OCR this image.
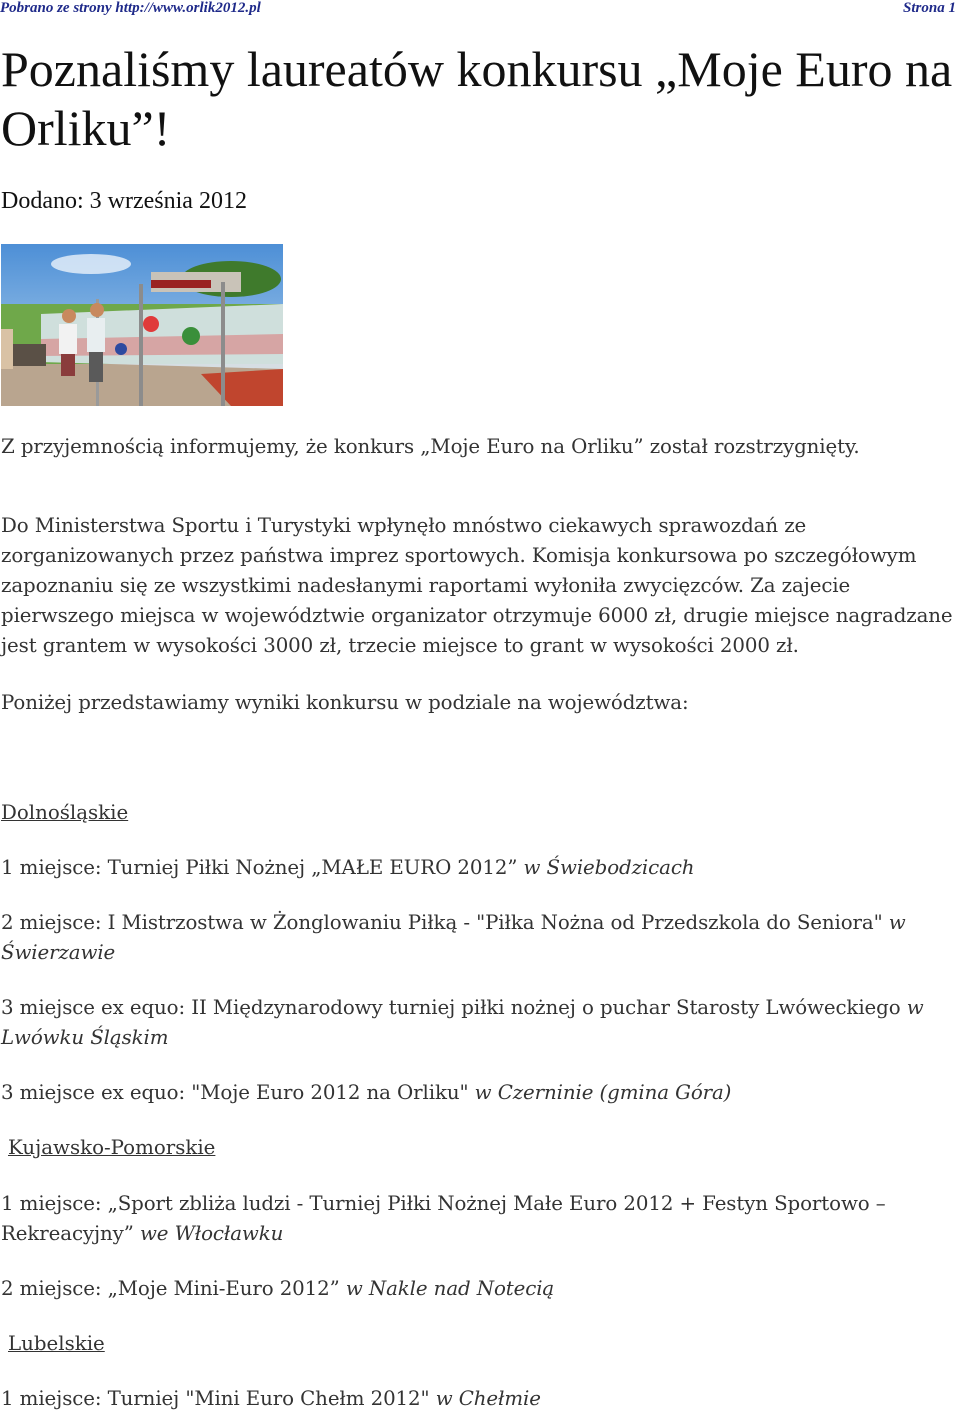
Pobrano ze strony http://www.orlik2012.pl	Strona 1
Poznaliśmy laureatów konkursu „Moje Euro na Orliku”!

Dodano: 3 września 2012

Z przyjemnością informujemy, że konkurs „Moje Euro na Orliku” został rozstrzygnięty.

Do Ministerstwa Sportu i Turystyki wpłynęło mnóstwo ciekawych sprawozdań ze zorganizowanych przez państwa imprez sportowych. Komisja konkursowa po szczegółowym zapoznaniu się ze wszystkimi nadesłanymi raportami wyłoniła zwycięzców. Za zajecie pierwszego miejsca w województwie organizator otrzymuje 6000 zł, drugie miejsce nagradzane jest grantem w wysokości 3000 zł, trzecie miejsce to grant w wysokości 2000 zł.

Poniżej przedstawiamy wyniki konkursu w podziale na województwa:

Dolnośląskie

1 miejsce: Turniej Piłki Nożnej „MAŁE EURO 2012” w Świebodzicach

2 miejsce: I Mistrzostwa w Żonglowaniu Piłką - "Piłka Nożna od Przedszkola do Seniora" w Świerzawie

3 miejsce ex equo: II Międzynarodowy turniej piłki nożnej o puchar Starosty Lwóweckiego w Lwówku Śląskim

3 miejsce ex equo: "Moje Euro 2012 na Orliku" w Czerninie (gmina Góra)

Kujawsko-Pomorskie

1 miejsce: „Sport zbliża ludzi - Turniej Piłki Nożnej Małe Euro 2012 + Festyn Sportowo – Rekreacyjny” we Włocławku

2 miejsce: „Moje Mini-Euro 2012” w Nakle nad Notecią

Lubelskie

1 miejsce: Turniej "Mini Euro Chełm 2012" w Chełmie
